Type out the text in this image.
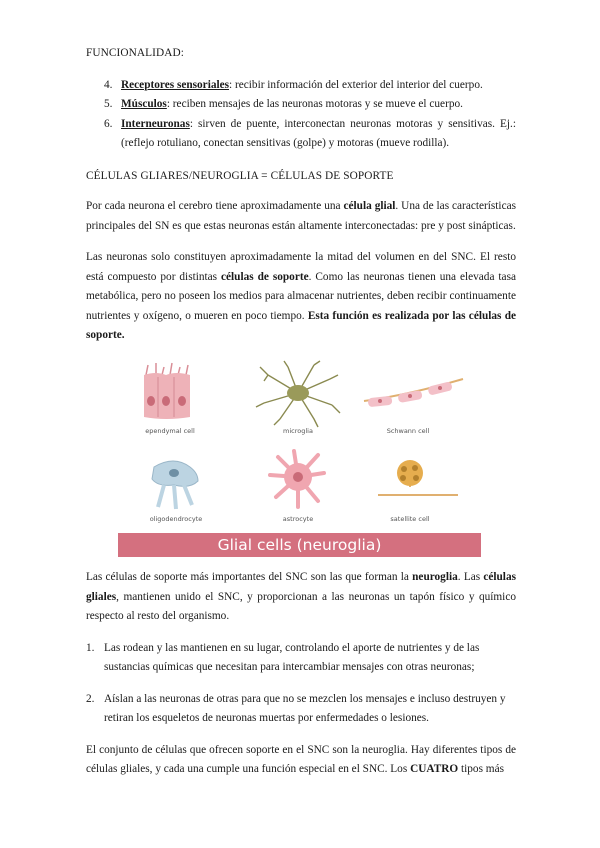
FUNCIONALIDAD:

4. Receptores sensoriales: recibir información del exterior del interior del cuerpo.
5. Músculos: reciben mensajes de las neuronas motoras y se mueve el cuerpo.
6. Interneuronas: sirven de puente, interconectan neuronas motoras y sensitivas. Ej.: (reflejo rotuliano, conectan sensitivas (golpe) y motoras (mueve rodilla).

CÉLULAS GLIARES/NEUROGLIA = CÉLULAS DE SOPORTE

Por cada neurona el cerebro tiene aproximadamente una célula glial. Una de las características principales del SN es que estas neuronas están altamente interconectadas: pre y post sinápticas.

Las neuronas solo constituyen aproximadamente la mitad del volumen en del SNC. El resto está compuesto por distintas células de soporte. Como las neuronas tienen una elevada tasa metabólica, pero no poseen los medios para almacenar nutrientes, deben recibir continuamente nutrientes y oxígeno, o mueren en poco tiempo. Esta función es realizada por las células de soporte.

ependymal cell	microglia	Schwann cell
oligodendrocyte	astrocyte	satellite cell
Glial cells (neuroglia)

Las células de soporte más importantes del SNC son las que forman la neuroglia. Las células gliales, mantienen unido el SNC, y proporcionan a las neuronas un tapón físico y químico respecto al resto del organismo.

1. Las rodean y las mantienen en su lugar, controlando el aporte de nutrientes y de las sustancias químicas que necesitan para intercambiar mensajes con otras neuronas;
2. Aíslan a las neuronas de otras para que no se mezclen los mensajes e incluso destruyen y retiran los esqueletos de neuronas muertas por enfermedades o lesiones.

El conjunto de células que ofrecen soporte en el SNC son la neuroglia. Hay diferentes tipos de células gliales, y cada una cumple una función especial en el SNC. Los CUATRO tipos más
